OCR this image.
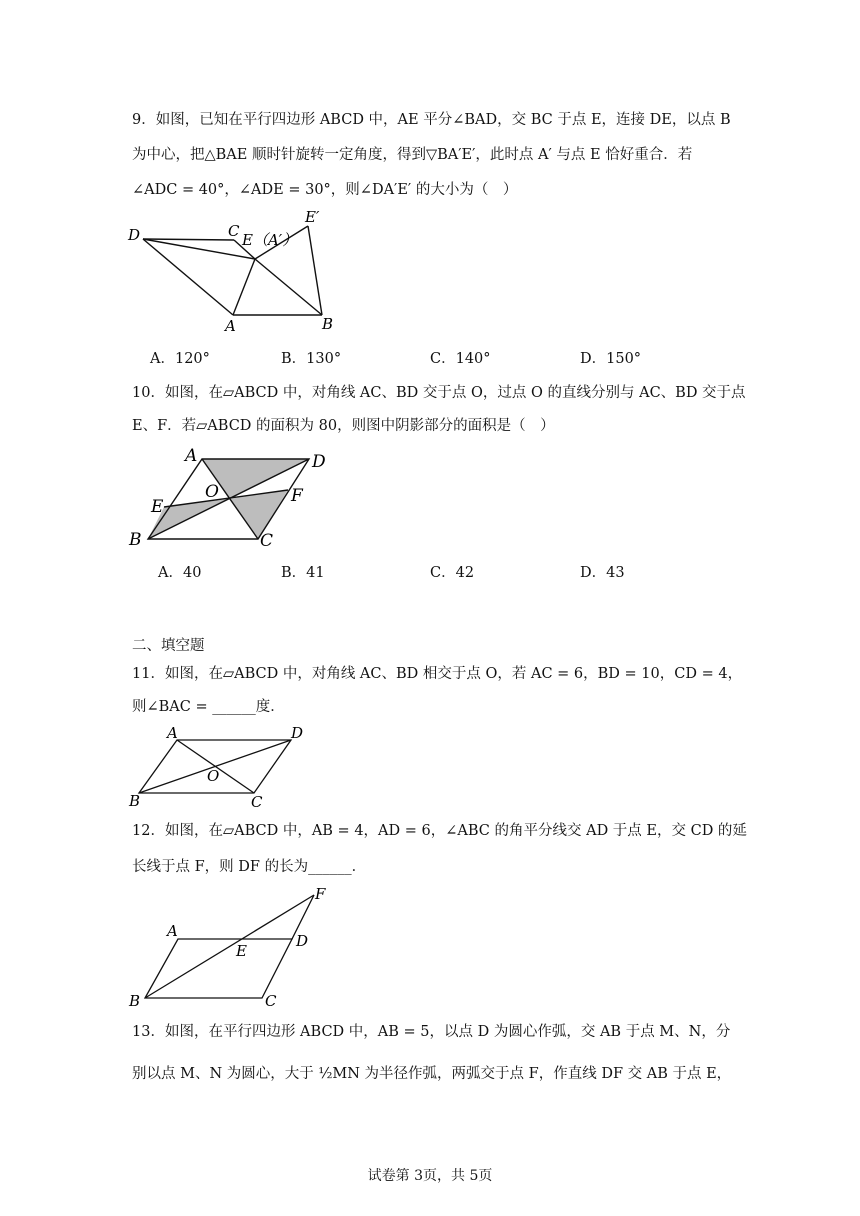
9．如图，已知在平行四边形 ABCD 中，AE 平分∠BAD，交 BC 于点 E，连接 DE，以点 B
为中心，把△BAE 顺时针旋转一定角度，得到▽BA′E′，此时点 A′ 与点 E 恰好重合．若
∠ADC = 40°，∠ADE = 30°，则∠DA′E′ 的大小为（　）
D	C E（A′）
E′
A	B
A．120°	B．130°	C．140°	D．150°
10．如图，在▱ABCD 中，对角线 AC、BD 交于点 O，过点 O 的直线分别与 AC、BD 交于点
E、F．若▱ABCD 的面积为 80，则图中阴影部分的面积是（　）
A	D
O	F
E
B	C
A．40	B．41	C．42	D．43
二、填空题
11．如图，在▱ABCD 中，对角线 AC、BD 相交于点 O，若 AC = 6，BD = 10，CD = 4，
则∠BAC = ______度．
A	D
O
B	C
12．如图，在▱ABCD 中，AB = 4，AD = 6，∠ABC 的角平分线交 AD 于点 E，交 CD 的延
长线于点 F，则 DF 的长为______．
A
D
E
F
B	C
13．如图，在平行四边形 ABCD 中，AB = 5，以点 D 为圆心作弧，交 AB 于点 M、N，分
别以点 M、N 为圆心，大于 ½MN 为半径作弧，两弧交于点 F，作直线 DF 交 AB 于点 E，
试卷第 3页，共 5页
